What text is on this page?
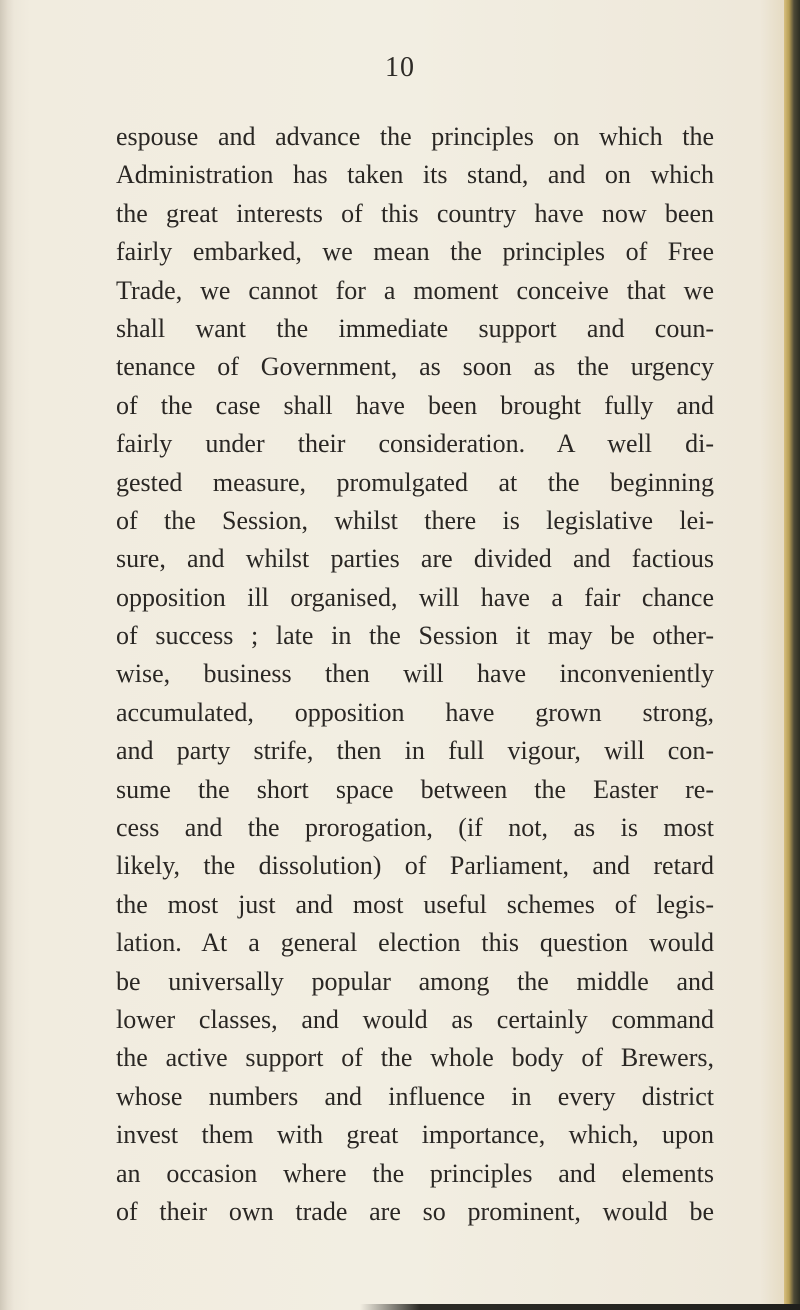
10
espouse and advance the principles on which the
Administration has taken its stand, and on which
the great interests of this country have now been
fairly embarked, we mean the principles of Free
Trade, we cannot for a moment conceive that we
shall want the immediate support and coun-
tenance of Government, as soon as the urgency
of the case shall have been brought fully and
fairly under their consideration. A well di-
gested measure, promulgated at the beginning
of the Session, whilst there is legislative lei-
sure, and whilst parties are divided and factious
opposition ill organised, will have a fair chance
of success ; late in the Session it may be other-
wise, business then will have inconveniently
accumulated, opposition have grown strong,
and party strife, then in full vigour, will con-
sume the short space between the Easter re-
cess and the prorogation, (if not, as is most
likely, the dissolution) of Parliament, and retard
the most just and most useful schemes of legis-
lation. At a general election this question would
be universally popular among the middle and
lower classes, and would as certainly command
the active support of the whole body of Brewers,
whose numbers and influence in every district
invest them with great importance, which, upon
an occasion where the principles and elements
of their own trade are so prominent, would be
